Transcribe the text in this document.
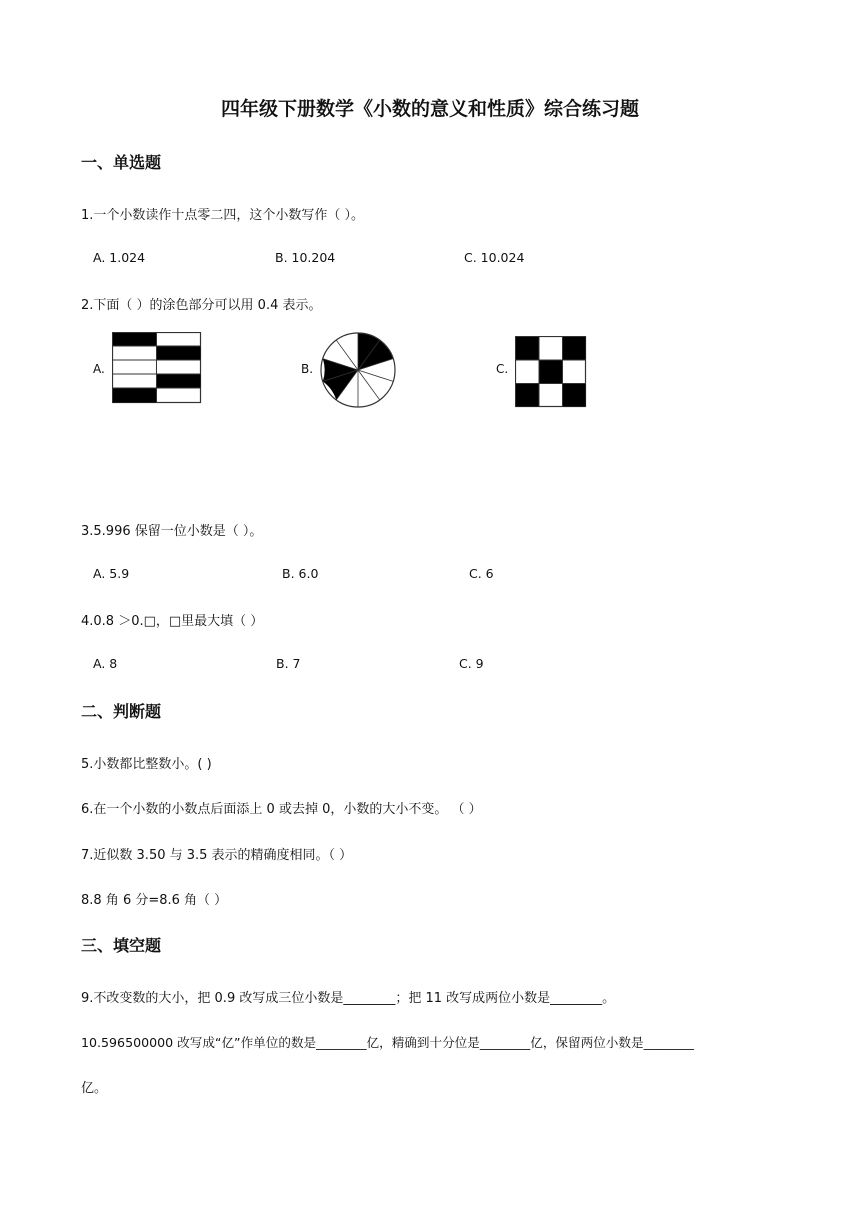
四年级下册数学《小数的意义和性质》综合练习题
一、单选题
1.一个小数读作十点零二四，这个小数写作（ ）。
A. 1.024	B. 10.204	C. 10.024
2.下面（ ）的涂色部分可以用 0.4 表示。
A.	B.	C.
3.5.996 保留一位小数是（ ）。
A. 5.9	B. 6.0	C. 6
4.0.8 ＞0.□，□里最大填（ ）
A. 8	B. 7	C. 9
二、判断题
5.小数都比整数小。( )
6.在一个小数的小数点后面添上 0 或去掉 0，小数的大小不变。 （ ）
7.近似数 3.50 与 3.5 表示的精确度相同。（ ）
8.8 角 6 分=8.6 角（ ）
三、填空题
9.不改变数的大小，把 0.9 改写成三位小数是________；把 11 改写成两位小数是________。
10.596500000 改写成“亿”作单位的数是________亿，精确到十分位是________亿，保留两位小数是________
亿。
